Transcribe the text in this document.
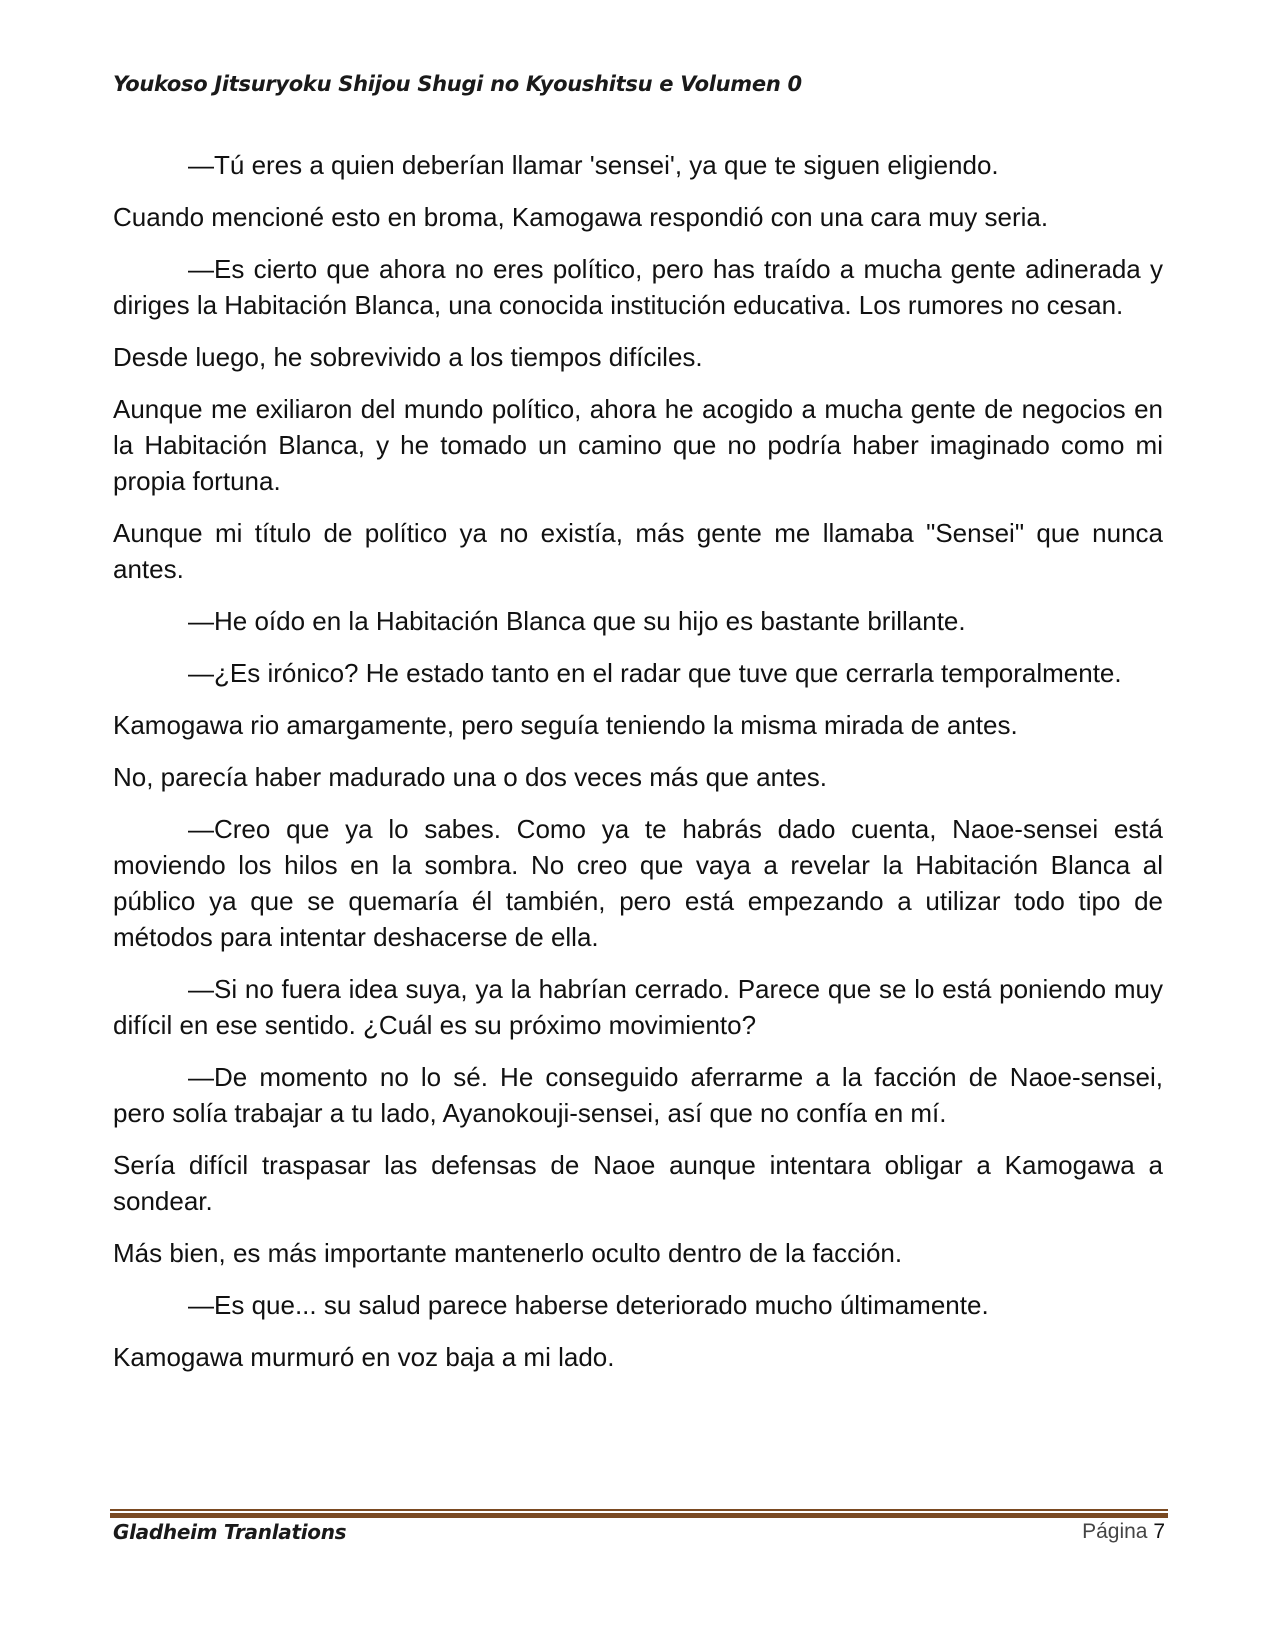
Youkoso Jitsuryoku Shijou Shugi no Kyoushitsu e Volumen 0

—Tú eres a quien deberían llamar 'sensei', ya que te siguen eligiendo.

Cuando mencioné esto en broma, Kamogawa respondió con una cara muy seria.

—Es cierto que ahora no eres político, pero has traído a mucha gente adinerada y diriges la Habitación Blanca, una conocida institución educativa. Los rumores no cesan.

Desde luego, he sobrevivido a los tiempos difíciles.

Aunque me exiliaron del mundo político, ahora he acogido a mucha gente de negocios en la Habitación Blanca, y he tomado un camino que no podría haber imaginado como mi propia fortuna.

Aunque mi título de político ya no existía, más gente me llamaba "Sensei" que nunca antes.

—He oído en la Habitación Blanca que su hijo es bastante brillante.

—¿Es irónico? He estado tanto en el radar que tuve que cerrarla temporalmente.

Kamogawa rio amargamente, pero seguía teniendo la misma mirada de antes.

No, parecía haber madurado una o dos veces más que antes.

—Creo que ya lo sabes. Como ya te habrás dado cuenta, Naoe-sensei está moviendo los hilos en la sombra. No creo que vaya a revelar la Habitación Blanca al público ya que se quemaría él también, pero está empezando a utilizar todo tipo de métodos para intentar deshacerse de ella.

—Si no fuera idea suya, ya la habrían cerrado. Parece que se lo está poniendo muy difícil en ese sentido. ¿Cuál es su próximo movimiento?

—De momento no lo sé. He conseguido aferrarme a la facción de Naoe-sensei, pero solía trabajar a tu lado, Ayanokouji-sensei, así que no confía en mí.

Sería difícil traspasar las defensas de Naoe aunque intentara obligar a Kamogawa a sondear.

Más bien, es más importante mantenerlo oculto dentro de la facción.

—Es que... su salud parece haberse deteriorado mucho últimamente.

Kamogawa murmuró en voz baja a mi lado.

Gladheim Tranlations	Página 7
